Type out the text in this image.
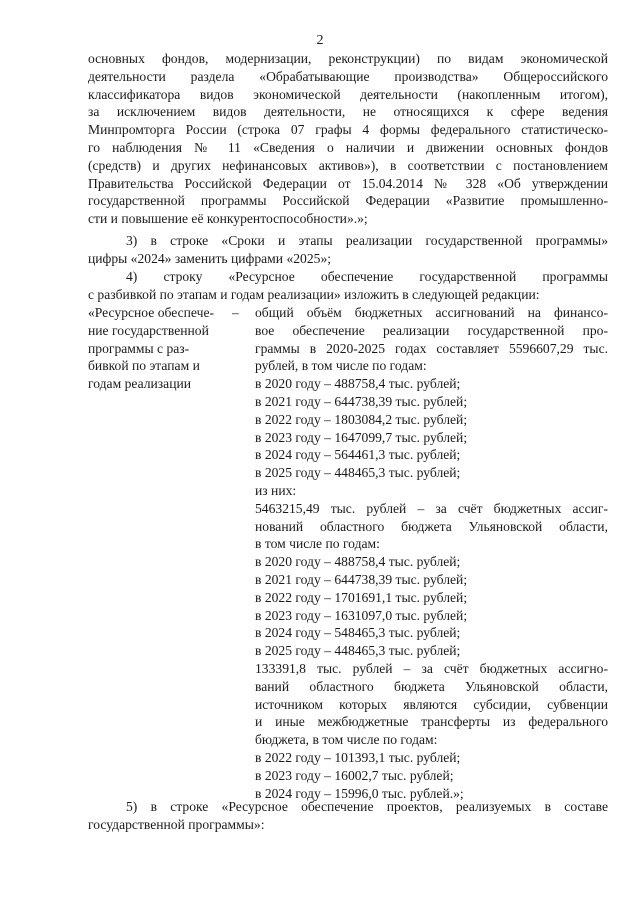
2
основных фондов, модернизации, реконструкции) по видам экономической
деятельности раздела «Обрабатывающие производства» Общероссийского
классификатора видов экономической деятельности (накопленным итогом),
за исключением видов деятельности, не относящихся к сфере ведения
Минпромторга России (строка 07 графы 4 формы федерального статистическо-
го наблюдения № 11 «Сведения о наличии и движении основных фондов
(средств) и других нефинансовых активов»), в соответствии с постановлением
Правительства Российской Федерации от 15.04.2014 № 328 «Об утверждении
государственной программы Российской Федерации «Развитие промышленно-
сти и повышение её конкурентоспособности».»;
3) в строке «Сроки и этапы реализации государственной программы»
цифры «2024» заменить цифрами «2025»;
4) строку «Ресурсное обеспечение государственной программы
с разбивкой по этапам и годам реализации» изложить в следующей редакции:
«Ресурсное обеспече-
ние государственной
программы с раз-
бивкой по этапам и
годам реализации
– общий объём бюджетных ассигнований на финансо-
вое обеспечение реализации государственной про-
граммы в 2020-2025 годах составляет 5596607,29 тыс.
рублей, в том числе по годам:
в 2020 году – 488758,4 тыс. рублей;
в 2021 году – 644738,39 тыс. рублей;
в 2022 году – 1803084,2 тыс. рублей;
в 2023 году – 1647099,7 тыс. рублей;
в 2024 году – 564461,3 тыс. рублей;
в 2025 году – 448465,3 тыс. рублей;
из них:
5463215,49 тыс. рублей – за счёт бюджетных ассиг-
нований областного бюджета Ульяновской области,
в том числе по годам:
в 2020 году – 488758,4 тыс. рублей;
в 2021 году – 644738,39 тыс. рублей;
в 2022 году – 1701691,1 тыс. рублей;
в 2023 году – 1631097,0 тыс. рублей;
в 2024 году – 548465,3 тыс. рублей;
в 2025 году – 448465,3 тыс. рублей;
133391,8 тыс. рублей – за счёт бюджетных ассигно-
ваний областного бюджета Ульяновской области,
источником которых являются субсидии, субвенции
и иные межбюджетные трансферты из федерального
бюджета, в том числе по годам:
в 2022 году – 101393,1 тыс. рублей;
в 2023 году – 16002,7 тыс. рублей;
в 2024 году – 15996,0 тыс. рублей.»;
5) в строке «Ресурсное обеспечение проектов, реализуемых в составе
государственной программы»:
